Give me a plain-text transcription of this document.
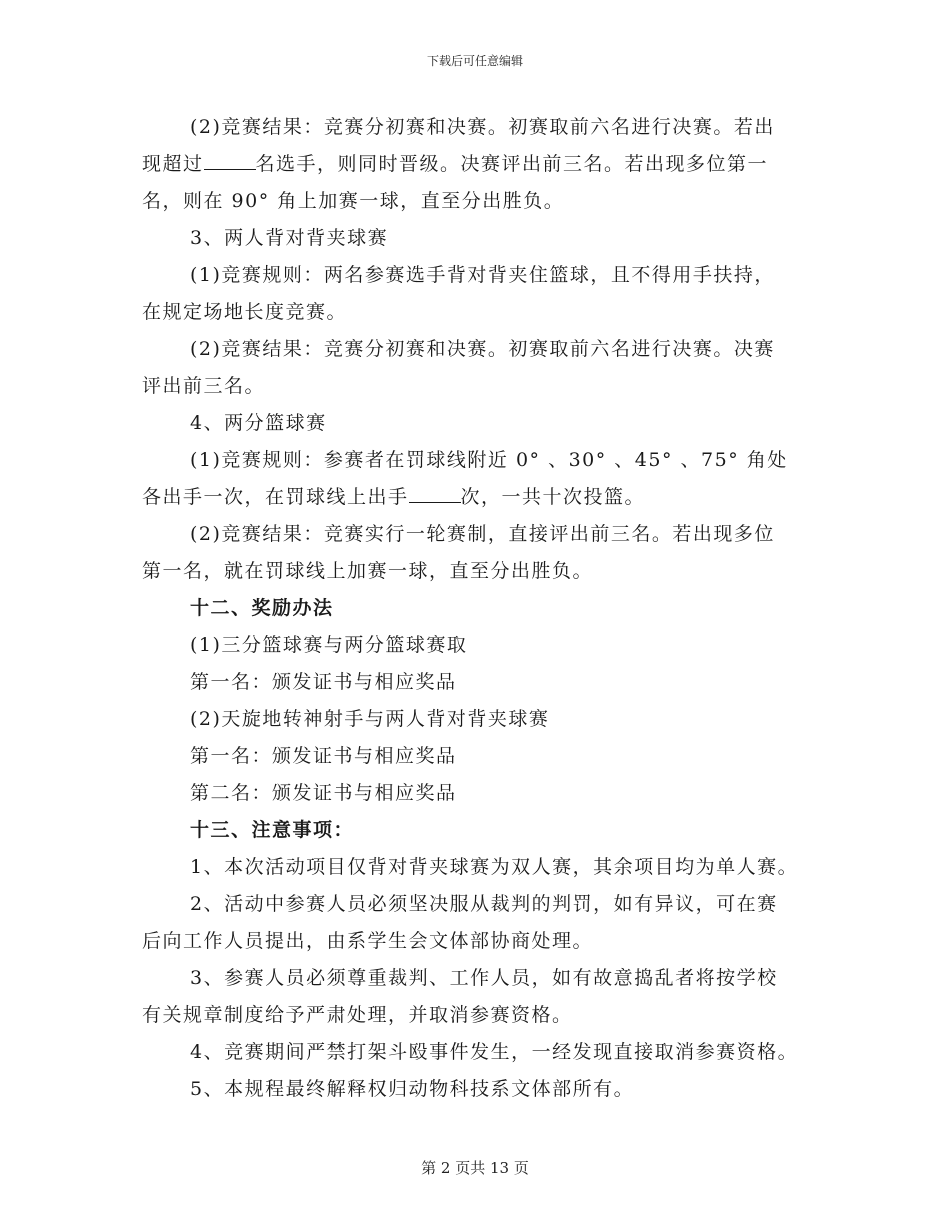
下载后可任意编辑
(2)竞赛结果：竞赛分初赛和决赛。初赛取前六名进行决赛。若出
现超过	名选手，则同时晋级。决赛评出前三名。若出现多位第一
名，则在 90° 角上加赛一球，直至分出胜负。
3、两人背对背夹球赛
(1)竞赛规则：两名参赛选手背对背夹住篮球，且不得用手扶持，
在规定场地长度竞赛。
(2)竞赛结果：竞赛分初赛和决赛。初赛取前六名进行决赛。决赛
评出前三名。
4、两分篮球赛
(1)竞赛规则：参赛者在罚球线附近 0° 、30° 、45° 、75° 角处
各出手一次，在罚球线上出手	次，一共十次投篮。
(2)竞赛结果：竞赛实行一轮赛制，直接评出前三名。若出现多位
第一名，就在罚球线上加赛一球，直至分出胜负。
十二、奖励办法
(1)三分篮球赛与两分篮球赛取
第一名：颁发证书与相应奖品
(2)天旋地转神射手与两人背对背夹球赛
第一名：颁发证书与相应奖品
第二名：颁发证书与相应奖品
十三、注意事项：
1、本次活动项目仅背对背夹球赛为双人赛，其余项目均为单人赛。
2、活动中参赛人员必须坚决服从裁判的判罚，如有异议，可在赛
后向工作人员提出，由系学生会文体部协商处理。
3、参赛人员必须尊重裁判、工作人员，如有故意捣乱者将按学校
有关规章制度给予严肃处理，并取消参赛资格。
4、竞赛期间严禁打架斗殴事件发生，一经发现直接取消参赛资格。
5、本规程最终解释权归动物科技系文体部所有。
第 2 页共 13 页
